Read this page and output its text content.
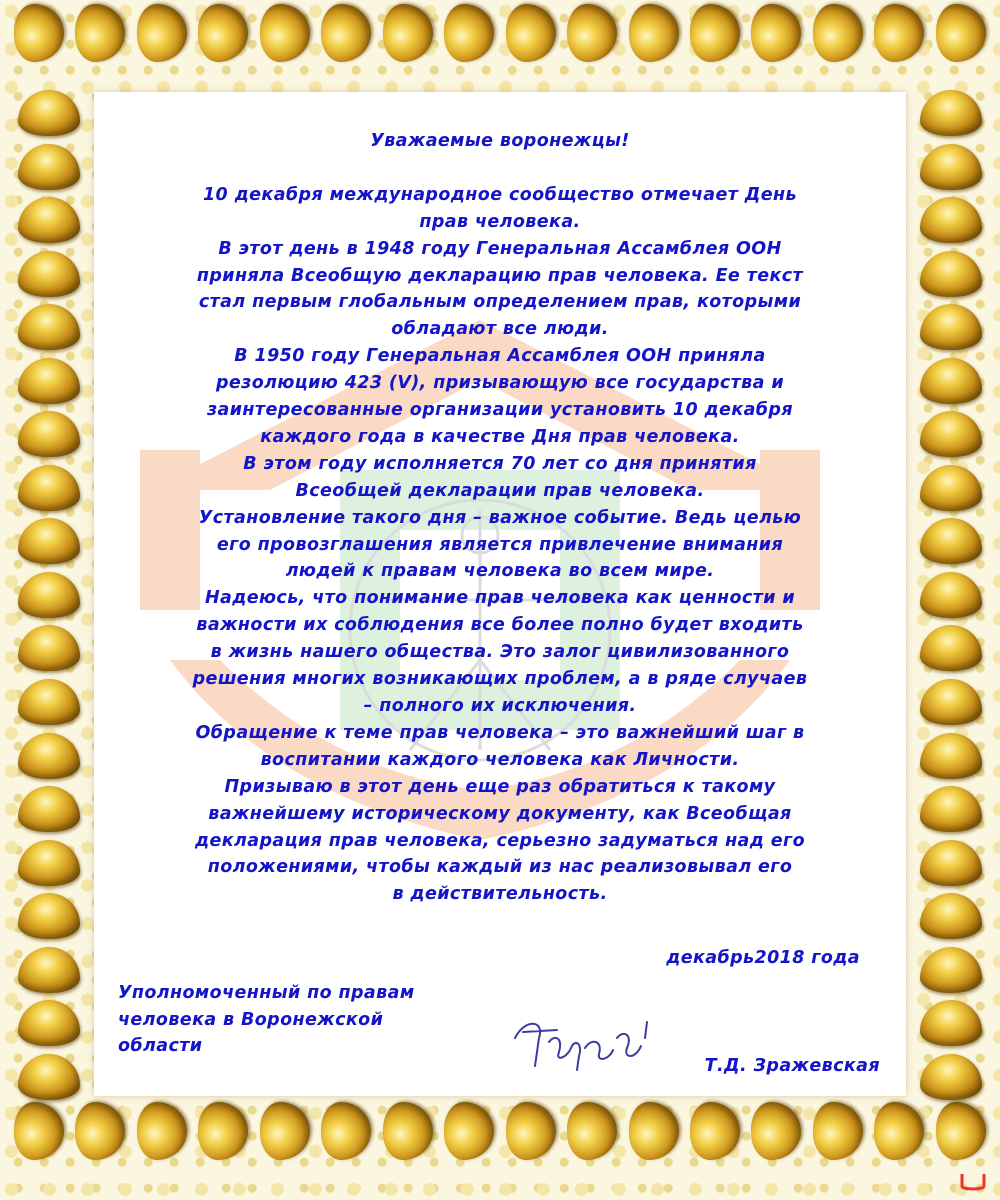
Уважаемые воронежцы!

10 декабря международное сообщество отмечает День

прав человека.

В этот день в 1948 году Генеральная Ассамблея ООН

приняла Всеобщую декларацию прав человека. Ее текст

стал первым глобальным определением прав, которыми

обладают все люди.

В 1950 году Генеральная Ассамблея ООН приняла

резолюцию 423 (V), призывающую все государства и

заинтересованные организации установить 10 декабря

каждого года в качестве Дня прав человека.

В этом году исполняется 70 лет со дня принятия

Всеобщей декларации прав человека.

Установление такого дня – важное событие. Ведь целью

его провозглашения является привлечение внимания

людей к правам человека во всем мире.

Надеюсь, что понимание прав человека как ценности и

важности их соблюдения все более полно будет входить

в жизнь нашего общества. Это залог цивилизованного

решения многих возникающих проблем, а в ряде случаев

– полного их исключения.

Обращение к теме прав человека – это важнейший шаг в

воспитании каждого человека как Личности.

Призываю в этот день еще раз обратиться к такому

важнейшему историческому документу, как Всеобщая

декларация прав человека, серьезно задуматься над его

положениями, чтобы каждый из нас реализовывал его

в действительность.

декабрь2018 года

Уполномоченный по правам

человека в Воронежской

области

Т.Д. Зражевская
